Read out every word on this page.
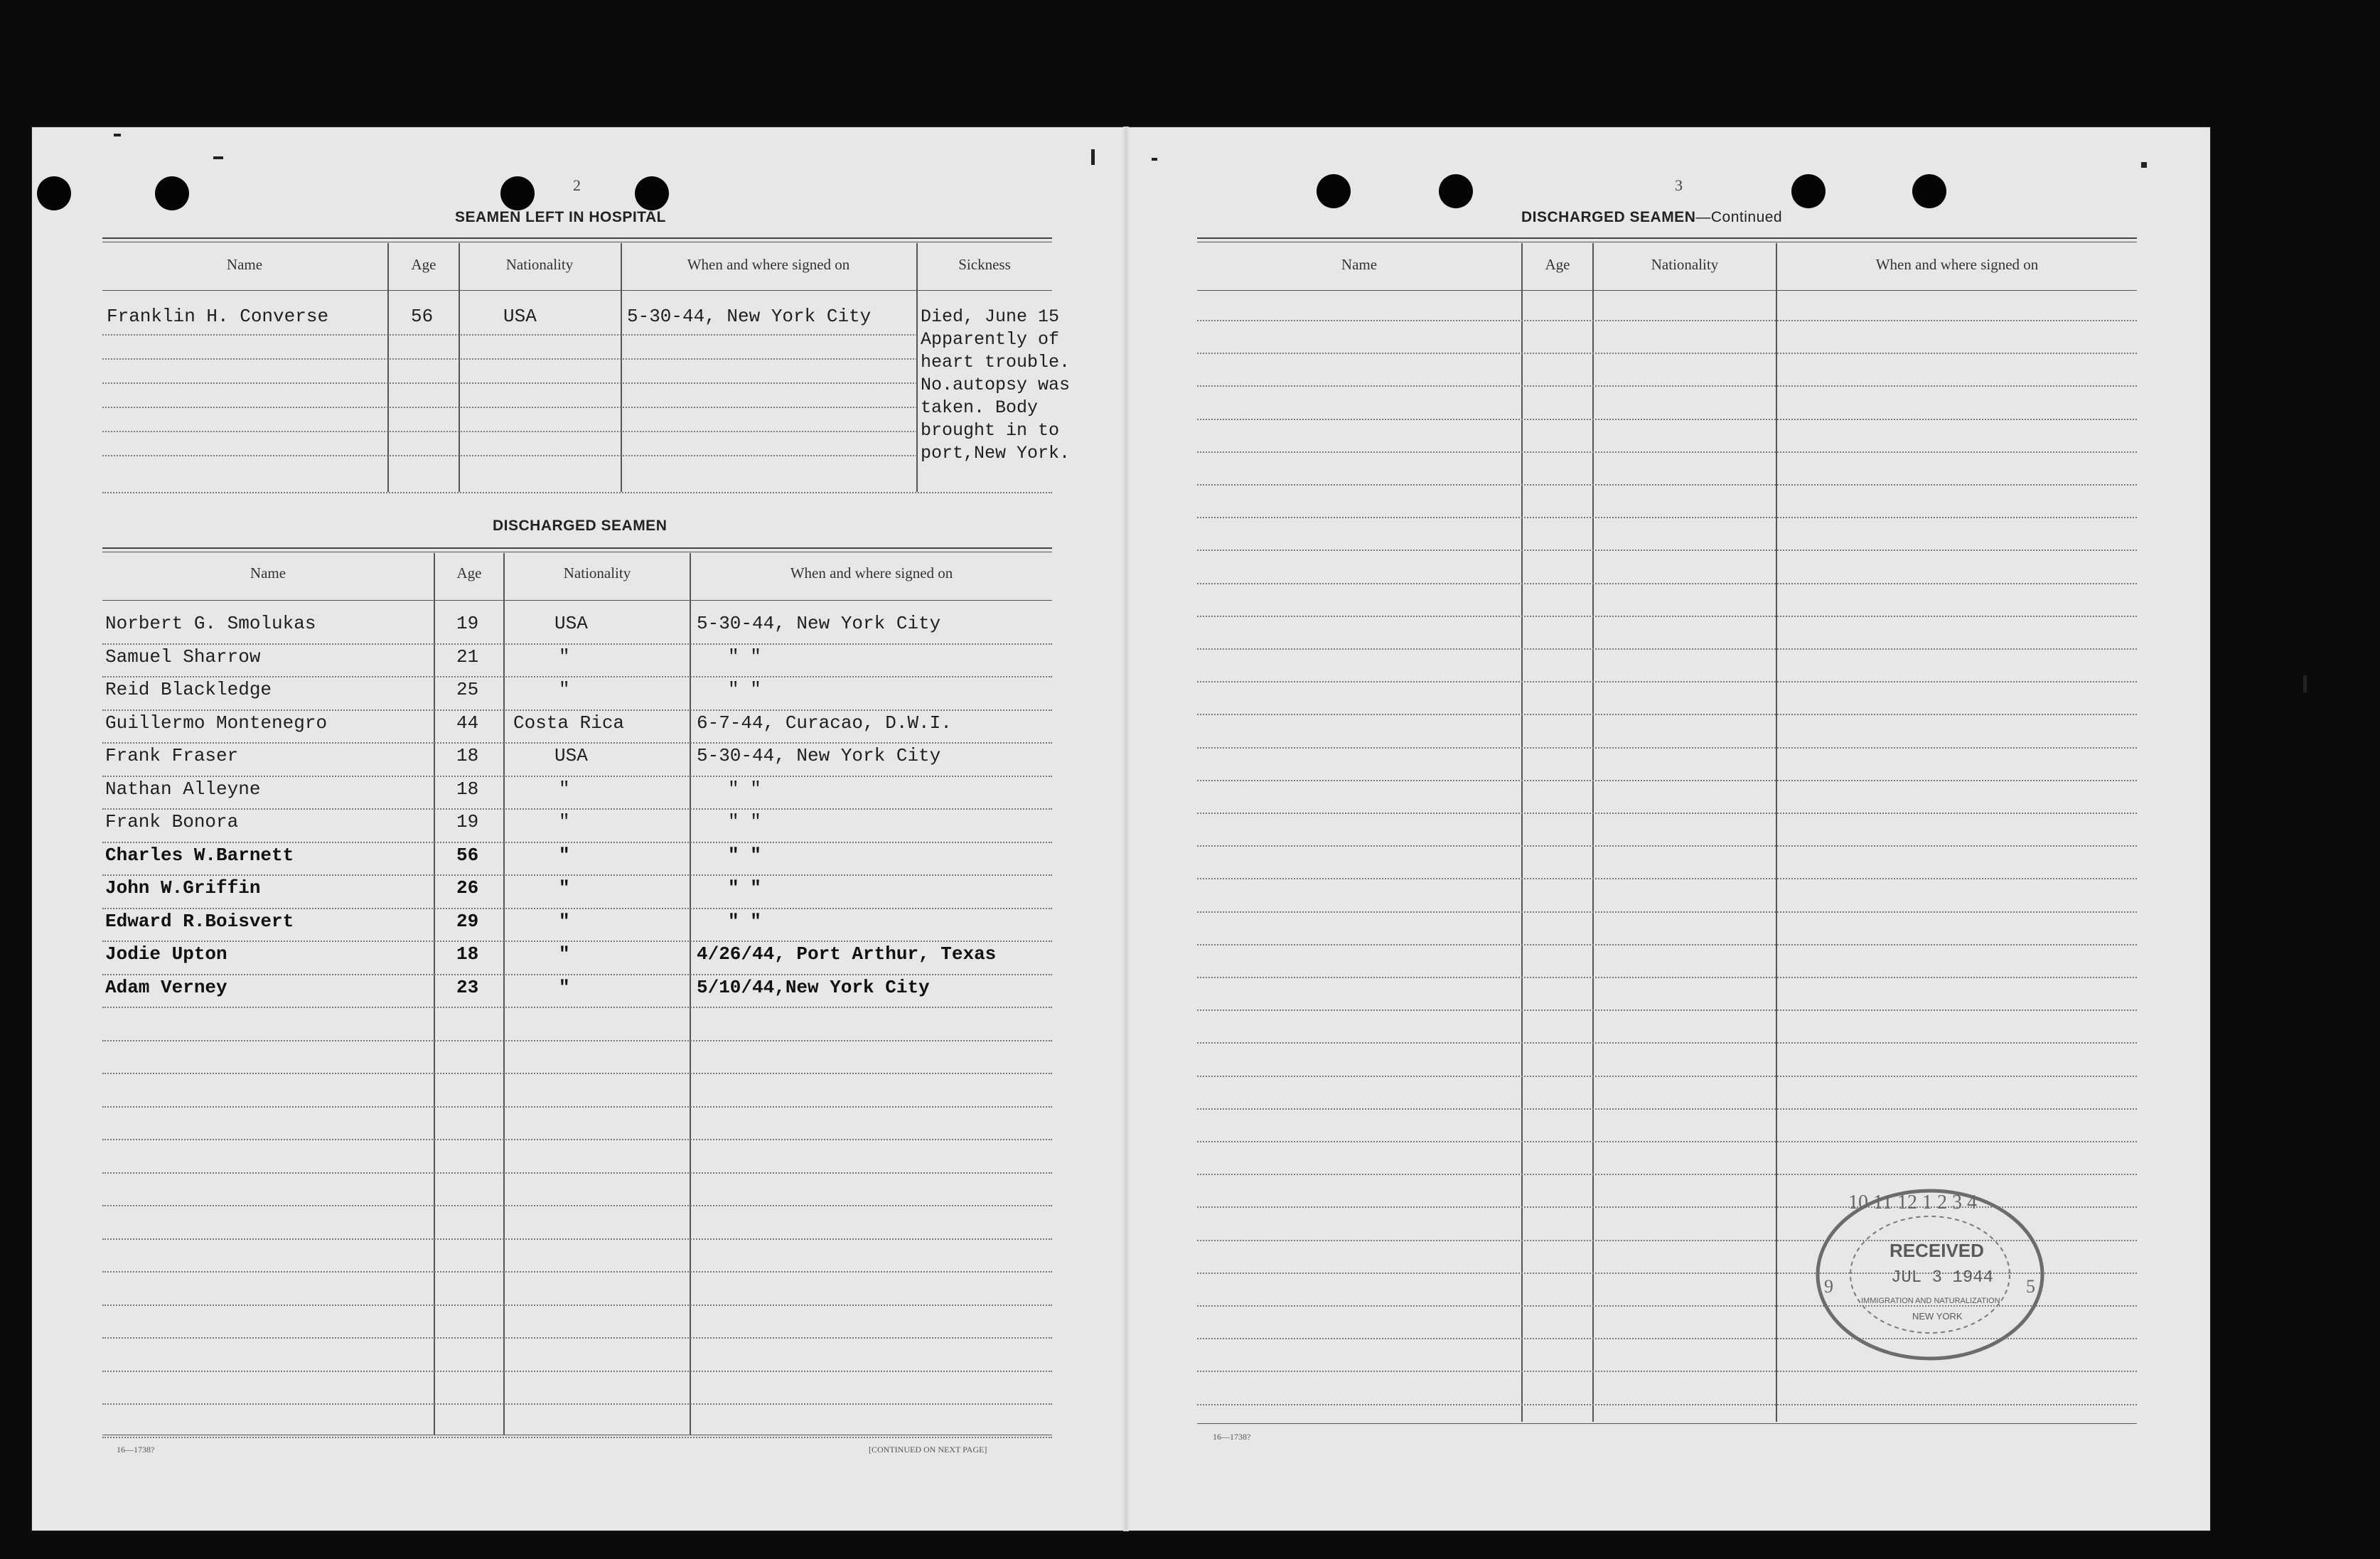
2
SEAMEN LEFT IN HOSPITAL
Name	Age	Nationality	When and where signed on	Sickness
Franklin H. Converse	56	USA	5-30-44, New York City	Died, June 15
Apparently of
heart trouble.
No.autopsy was
taken. Body
brought in to
port,New York.
DISCHARGED SEAMEN
Name	Age	Nationality	When and where signed on
Norbert G. Smolukas	19	USA	5-30-44, New York City
Samuel Sharrow	21	"	" "
Reid Blackledge	25	"	" "
Guillermo Montenegro	44 Costa Rica	6-7-44, Curacao, D.W.I.
Frank Fraser	18	USA	5-30-44, New York City
Nathan Alleyne	18	"	" "
Frank Bonora	19	"	" "
Charles W.Barnett	56	"	" "
John W.Griffin	26	"	" "
Edward R.Boisvert	29	"	" "
Jodie Upton	18	"	4/26/44, Port Arthur, Texas
Adam Verney	23	"	5/10/44,New York City
16—1738?	[CONTINUED ON NEXT PAGE]
3
DISCHARGED SEAMEN—Continued
Name	Age	Nationality	When and where signed on
16—1738?
10 11 12 1 2 3 4
9	5
RECEIVED
JUL 3 1944
IMMIGRATION AND NATURALIZATION
NEW YORK
